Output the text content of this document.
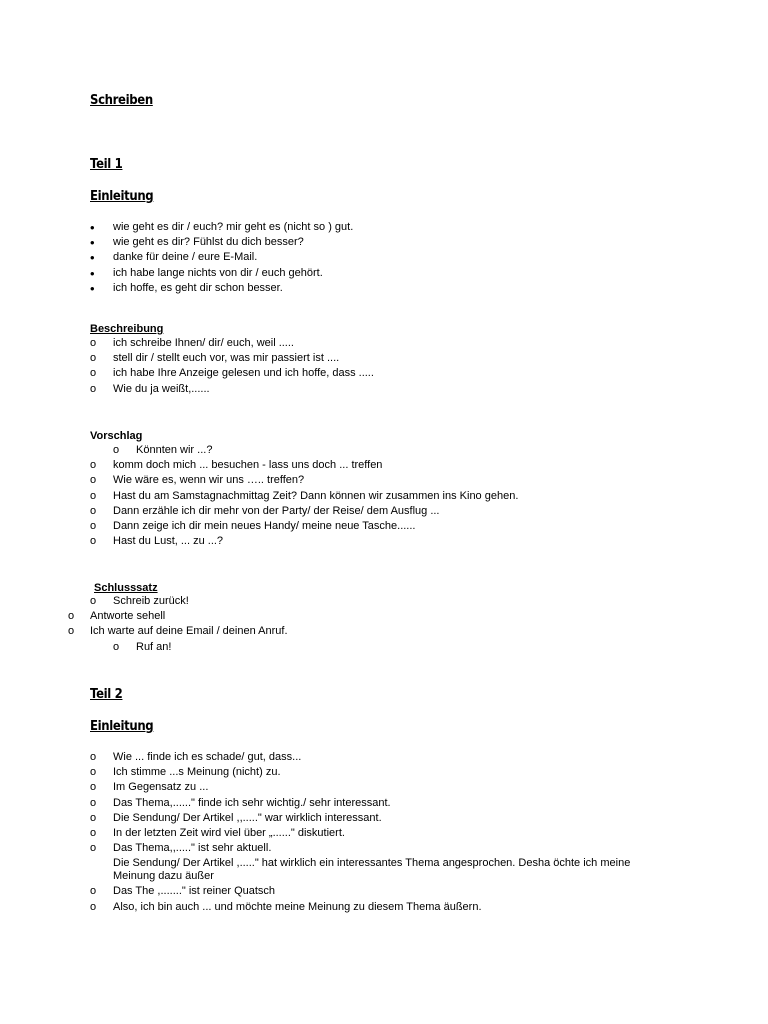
Schreiben
Teil 1
Einleitung
•
wie geht es dir / euch? mir geht es (nicht so ) gut.
•
wie geht es dir? Fühlst du dich besser?
•
danke für deine / eure E-Mail.
•
ich habe lange nichts von dir / euch gehört.
•
ich hoffe, es geht dir schon besser.
Beschreibung
o	ich schreibe Ihnen/ dir/ euch, weil .....
o	stell dir / stellt euch vor, was mir passiert ist ....
o	ich habe Ihre Anzeige gelesen und ich hoffe, dass .....
o	Wie du ja weißt,......
Vorschlag
o	Könnten wir ...?
o	komm doch mich ... besuchen - lass uns doch ... treffen
o	Wie wäre es, wenn wir uns ….. treffen?
o	Hast du am Samstagnachmittag Zeit? Dann können wir zusammen ins Kino gehen.
o	Dann erzähle ich dir mehr von der Party/ der Reise/ dem Ausflug ...
o	Dann zeige ich dir mein neues Handy/ meine neue Tasche......
o	Hast du Lust, ... zu ...?
Schlusssatz
o	Schreib zurück!
o	Antworte sehell
o	Ich warte auf deine Email / deinen Anruf.
o	Ruf an!
Teil 2
Einleitung
o	Wie ... finde ich es schade/ gut, dass...
o	Ich stimme ...s Meinung (nicht) zu.
o	Im Gegensatz zu ...
o	Das Thema,......" finde ich sehr wichtig./ sehr interessant.
o	Die Sendung/ Der Artikel ,,....." war wirklich interessant.
o	In der letzten Zeit wird viel über „......" diskutiert.
o	Das Thema,,....." ist sehr aktuell.
Die Sendung/ Der Artikel ,....." hat wirklich ein interessantes Thema angesprochen. Desha öchte ich meine Meinung dazu äußer
o	Das The ,......." ist reiner Quatsch
o	Also, ich bin auch ... und möchte meine Meinung zu diesem Thema äußern.
